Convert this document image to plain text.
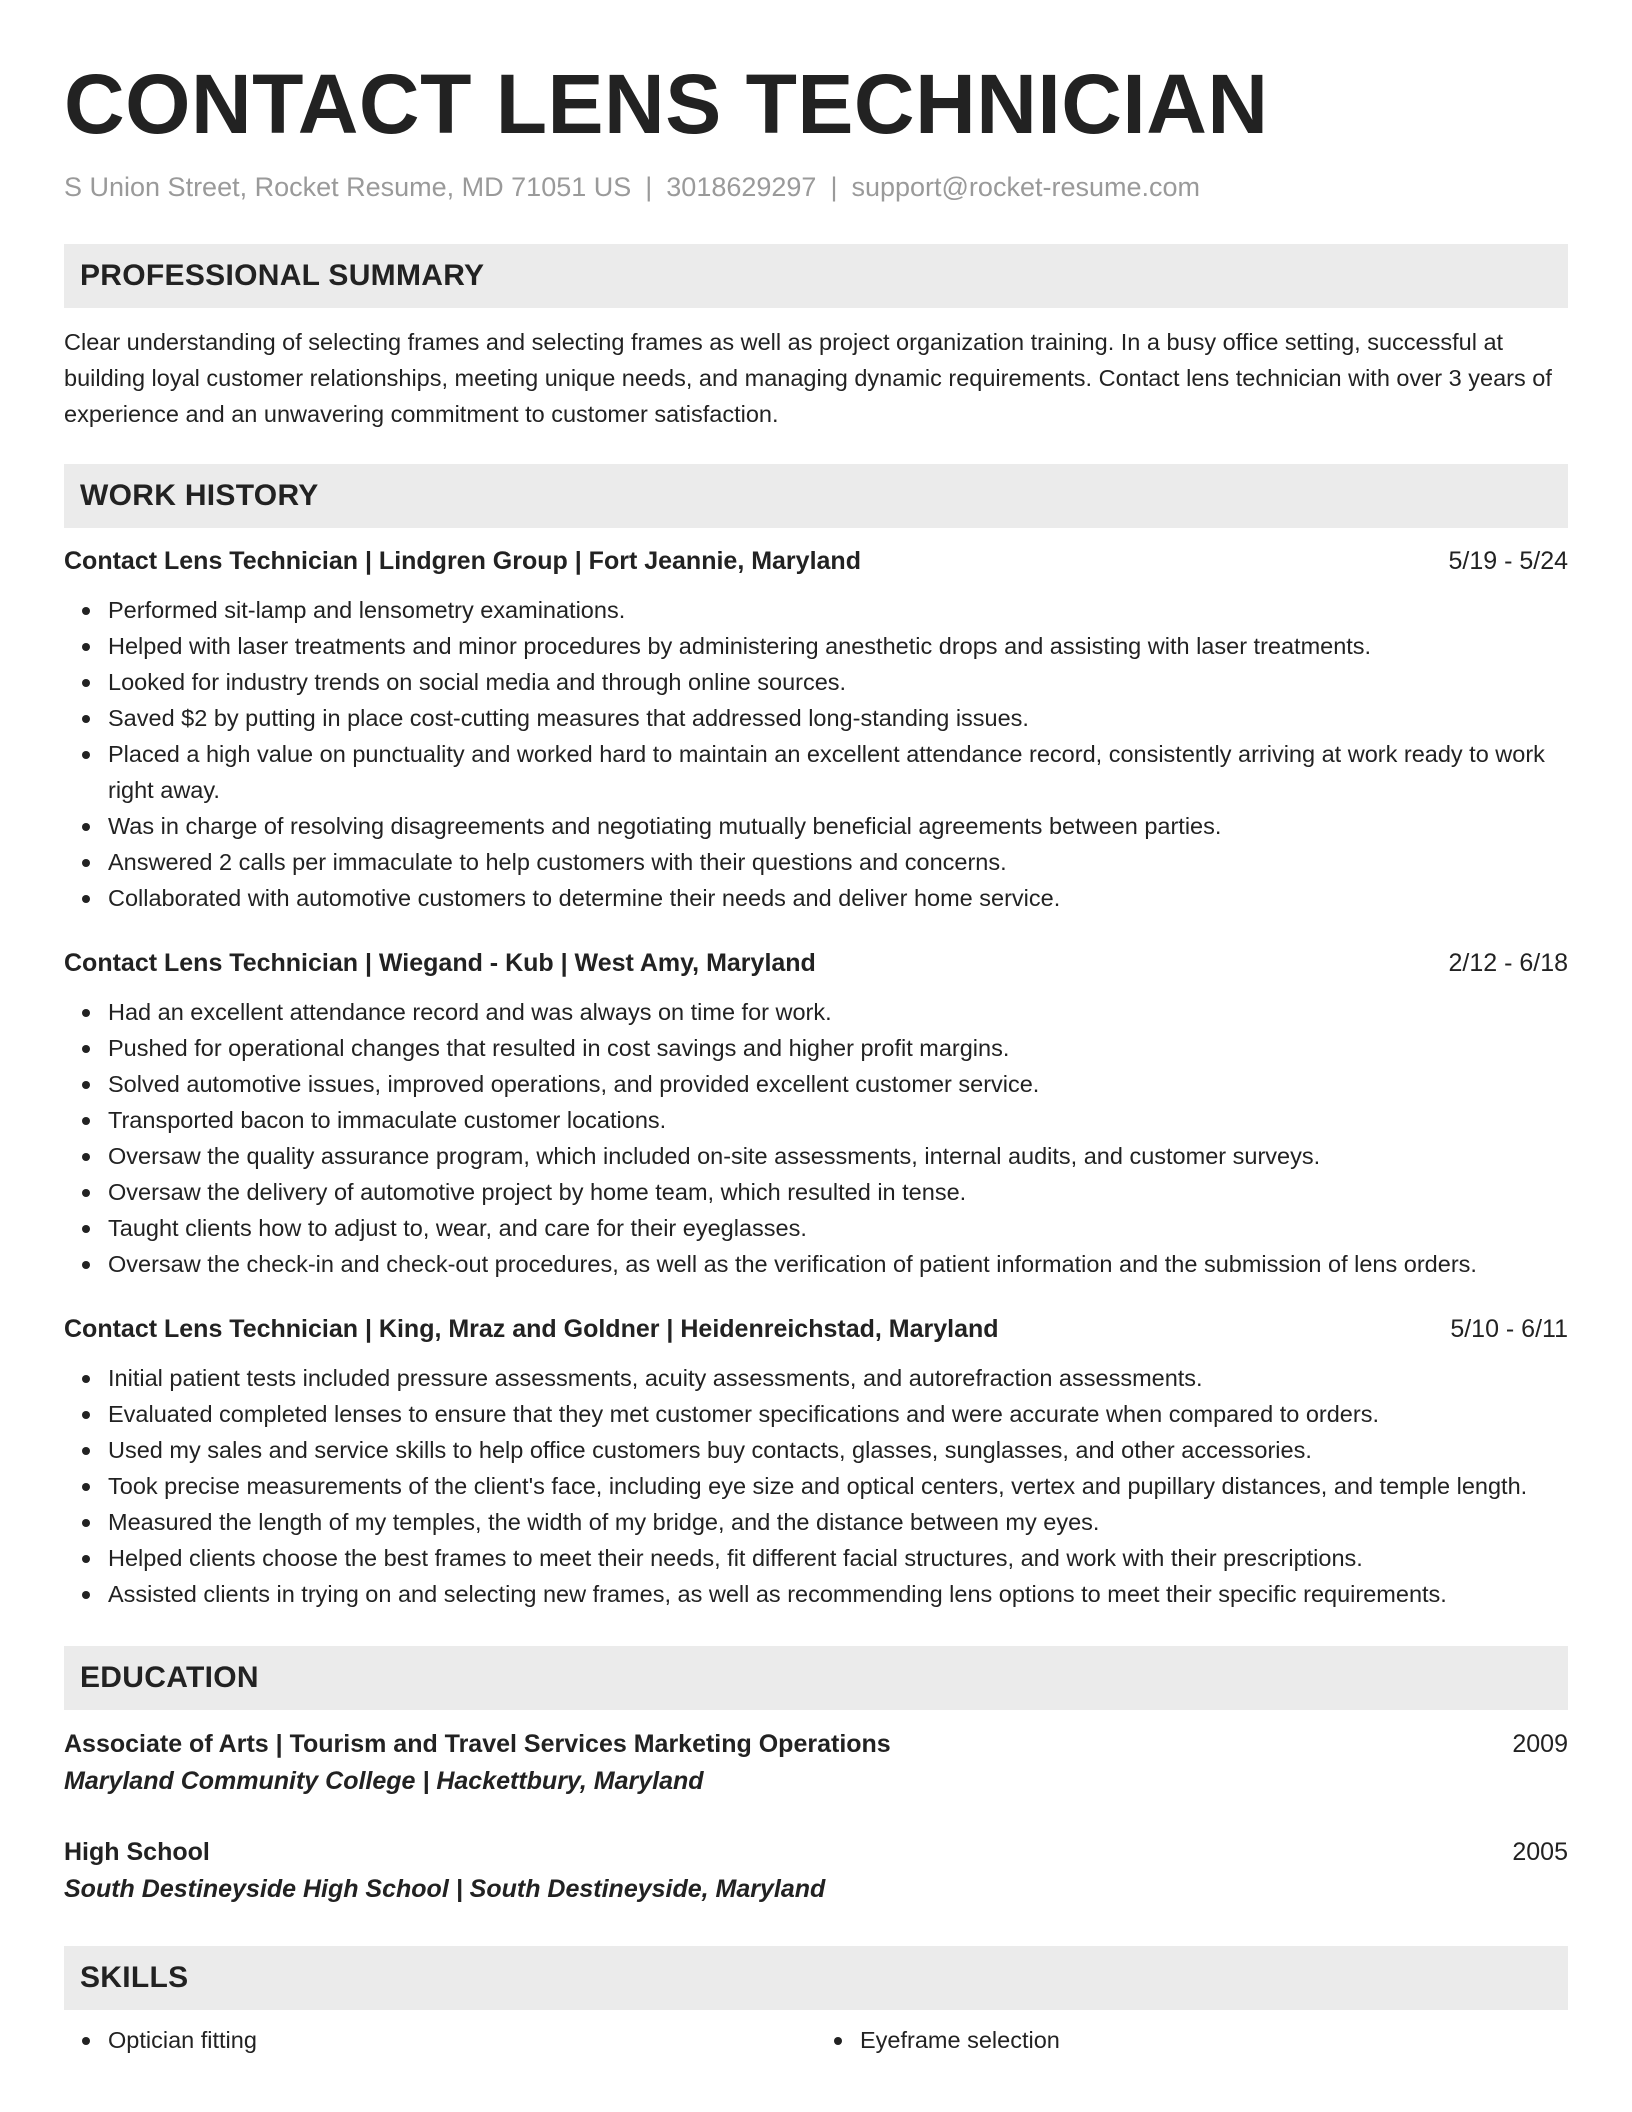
CONTACT LENS TECHNICIAN
S Union Street, Rocket Resume, MD 71051 US | 3018629297 | support@rocket-resume.com
PROFESSIONAL SUMMARY

Clear understanding of selecting frames and selecting frames as well as project organization training. In a busy office setting, successful at building loyal customer relationships, meeting unique needs, and managing dynamic requirements. Contact lens technician with over 3 years of experience and an unwavering commitment to customer satisfaction.

WORK HISTORY
Contact Lens Technician | Lindgren Group | Fort Jeannie, Maryland	5/19 - 5/24
Performed sit-lamp and lensometry examinations.
Helped with laser treatments and minor procedures by administering anesthetic drops and assisting with laser treatments.
Looked for industry trends on social media and through online sources.
Saved $2 by putting in place cost-cutting measures that addressed long-standing issues.
Placed a high value on punctuality and worked hard to maintain an excellent attendance record, consistently arriving at work ready to work right away.
Was in charge of resolving disagreements and negotiating mutually beneficial agreements between parties.
Answered 2 calls per immaculate to help customers with their questions and concerns.
Collaborated with automotive customers to determine their needs and deliver home service.
Contact Lens Technician | Wiegand - Kub | West Amy, Maryland	2/12 - 6/18
Had an excellent attendance record and was always on time for work.
Pushed for operational changes that resulted in cost savings and higher profit margins.
Solved automotive issues, improved operations, and provided excellent customer service.
Transported bacon to immaculate customer locations.
Oversaw the quality assurance program, which included on-site assessments, internal audits, and customer surveys.
Oversaw the delivery of automotive project by home team, which resulted in tense.
Taught clients how to adjust to, wear, and care for their eyeglasses.
Oversaw the check-in and check-out procedures, as well as the verification of patient information and the submission of lens orders.
Contact Lens Technician | King, Mraz and Goldner | Heidenreichstad, Maryland	5/10 - 6/11
Initial patient tests included pressure assessments, acuity assessments, and autorefraction assessments.
Evaluated completed lenses to ensure that they met customer specifications and were accurate when compared to orders.
Used my sales and service skills to help office customers buy contacts, glasses, sunglasses, and other accessories.
Took precise measurements of the client's face, including eye size and optical centers, vertex and pupillary distances, and temple length.
Measured the length of my temples, the width of my bridge, and the distance between my eyes.
Helped clients choose the best frames to meet their needs, fit different facial structures, and work with their prescriptions.
Assisted clients in trying on and selecting new frames, as well as recommending lens options to meet their specific requirements.
EDUCATION
Associate of Arts | Tourism and Travel Services Marketing Operations	2009
Maryland Community College | Hackettbury, Maryland
High School	2005
South Destineyside High School | South Destineyside, Maryland
SKILLS
Optician fitting	Eyeframe selection
